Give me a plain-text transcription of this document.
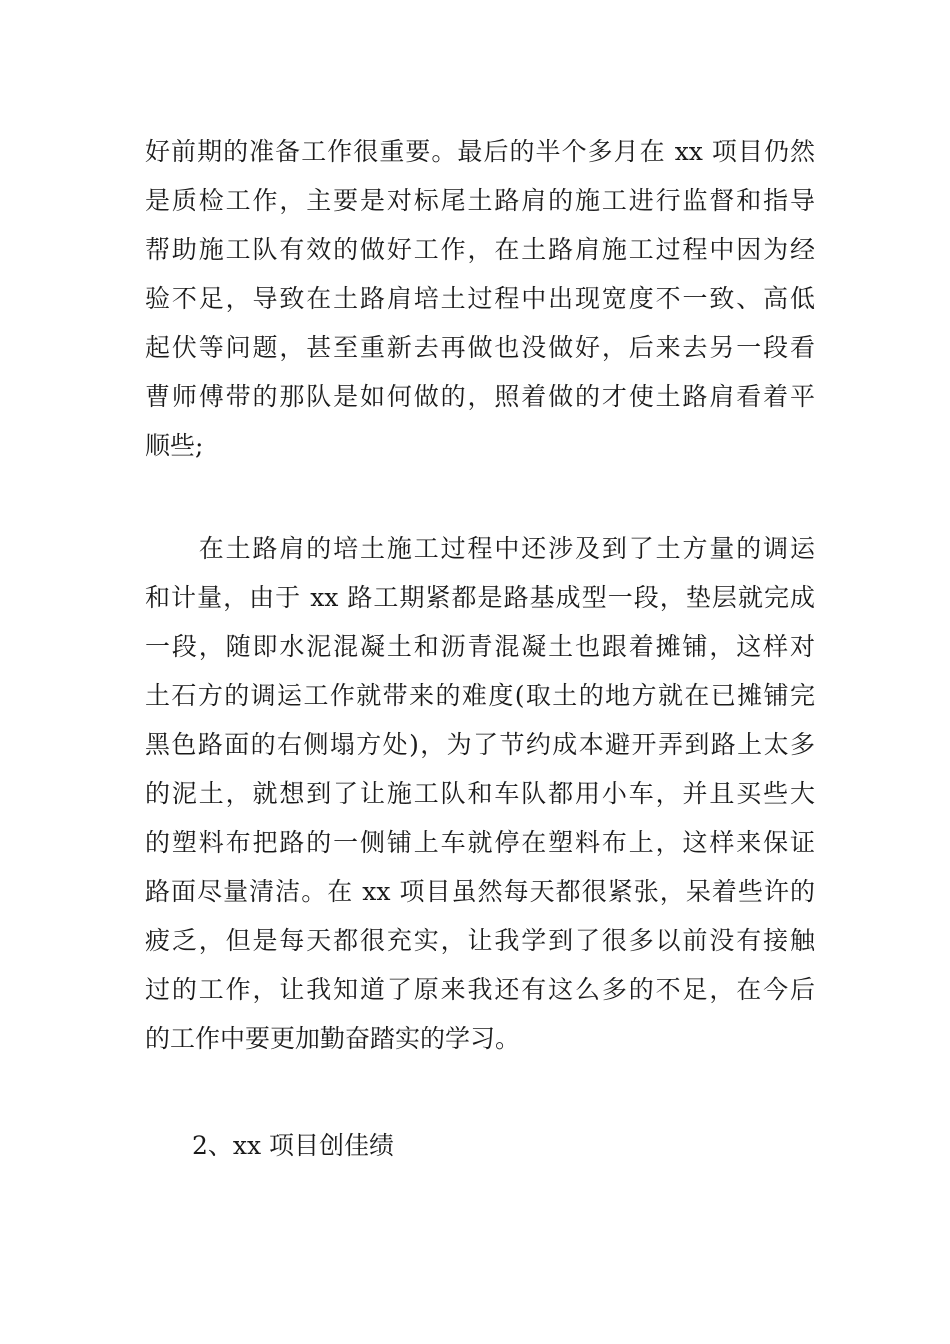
好前期的准备工作很重要。最后的半个多月在 xx 项目仍然
是质检工作，主要是对标尾土路肩的施工进行监督和指导
帮助施工队有效的做好工作，在土路肩施工过程中因为经
验不足，导致在土路肩培土过程中出现宽度不一致、高低
起伏等问题，甚至重新去再做也没做好，后来去另一段看
曹师傅带的那队是如何做的，照着做的才使土路肩看着平
顺些;
　　在土路肩的培土施工过程中还涉及到了土方量的调运
和计量，由于 xx 路工期紧都是路基成型一段，垫层就完成
一段，随即水泥混凝土和沥青混凝土也跟着摊铺，这样对
土石方的调运工作就带来的难度(取土的地方就在已摊铺完
黑色路面的右侧塌方处)，为了节约成本避开弄到路上太多
的泥土，就想到了让施工队和车队都用小车，并且买些大
的塑料布把路的一侧铺上车就停在塑料布上，这样来保证
路面尽量清洁。在 xx 项目虽然每天都很紧张，呆着些许的
疲乏，但是每天都很充实，让我学到了很多以前没有接触
过的工作，让我知道了原来我还有这么多的不足，在今后
的工作中要更加勤奋踏实的学习。
2、xx 项目创佳绩
